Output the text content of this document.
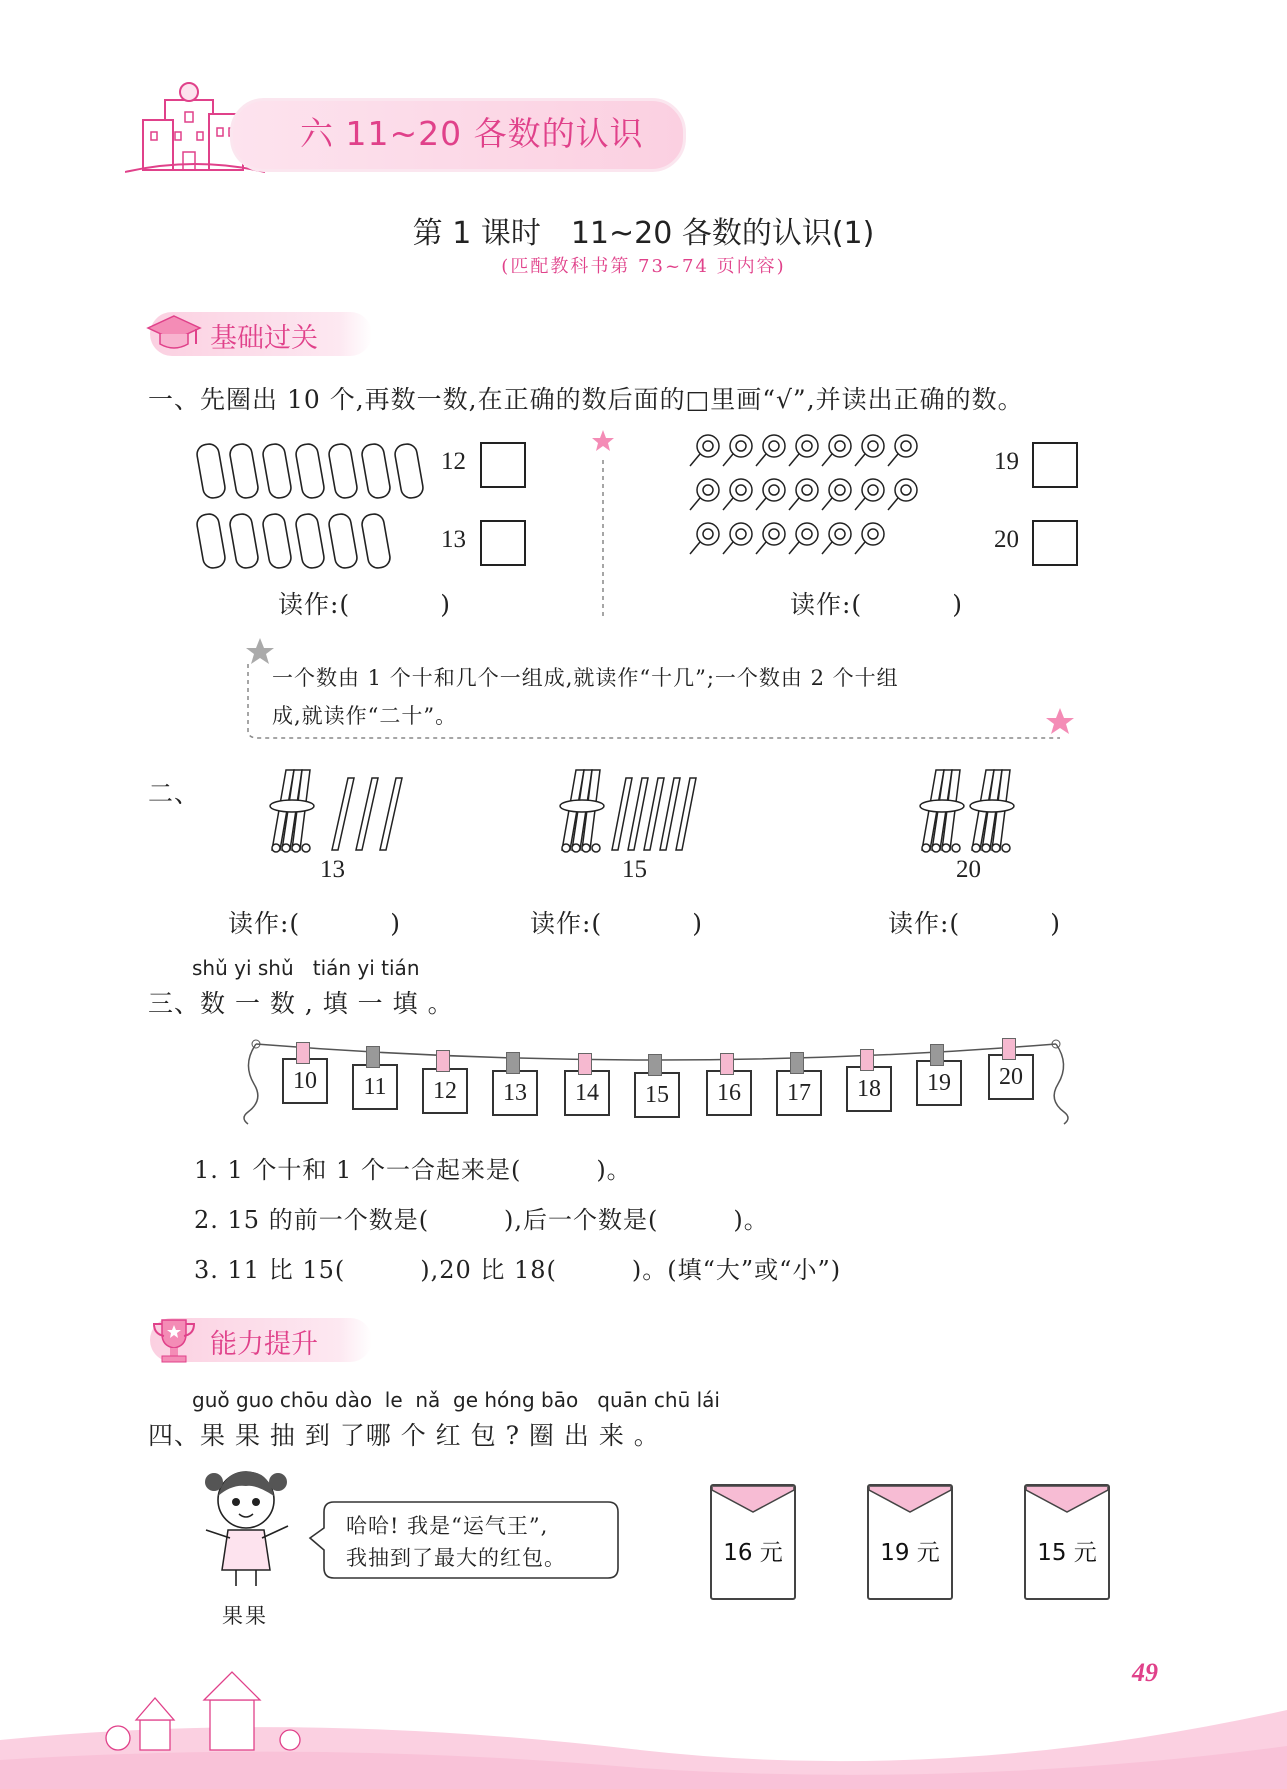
六 11~20 各数的认识
第 1 课时　11~20 各数的认识(1)
(匹配教科书第 73~74 页内容)
基础过关
一、先圈出 10 个,再数一数,在正确的数后面的□里画“√”,并读出正确的数。
12
13
读作:(	)
19
20
读作:(	)
一个数由 1 个十和几个一组成,就读作“十几”;一个数由 2 个十组
成,就读作“二十”。
二、
13	15	20
读作:(	)	读作:(	)	读作:(	)
shǔ yi shǔ   tián yi tián
三、数 一 数 , 填 一 填 。
10	11	12	13	14	15	16	17	18	19	20
1. 1 个十和 1 个一合起来是(　　　)。
2. 15 的前一个数是(　　　),后一个数是(　　　)。
3. 11 比 15(　　　),20 比 18(　　　)。(填“大”或“小”)
能力提升
guǒ guo chōu dào  le  nǎ  ge hóng bāo   quān chū lái
四、果 果 抽 到 了哪 个 红 包 ? 圈 出 来 。
果果
哈哈! 我是“运气王”,
我抽到了最大的红包。	16 元	19 元	15 元
49
